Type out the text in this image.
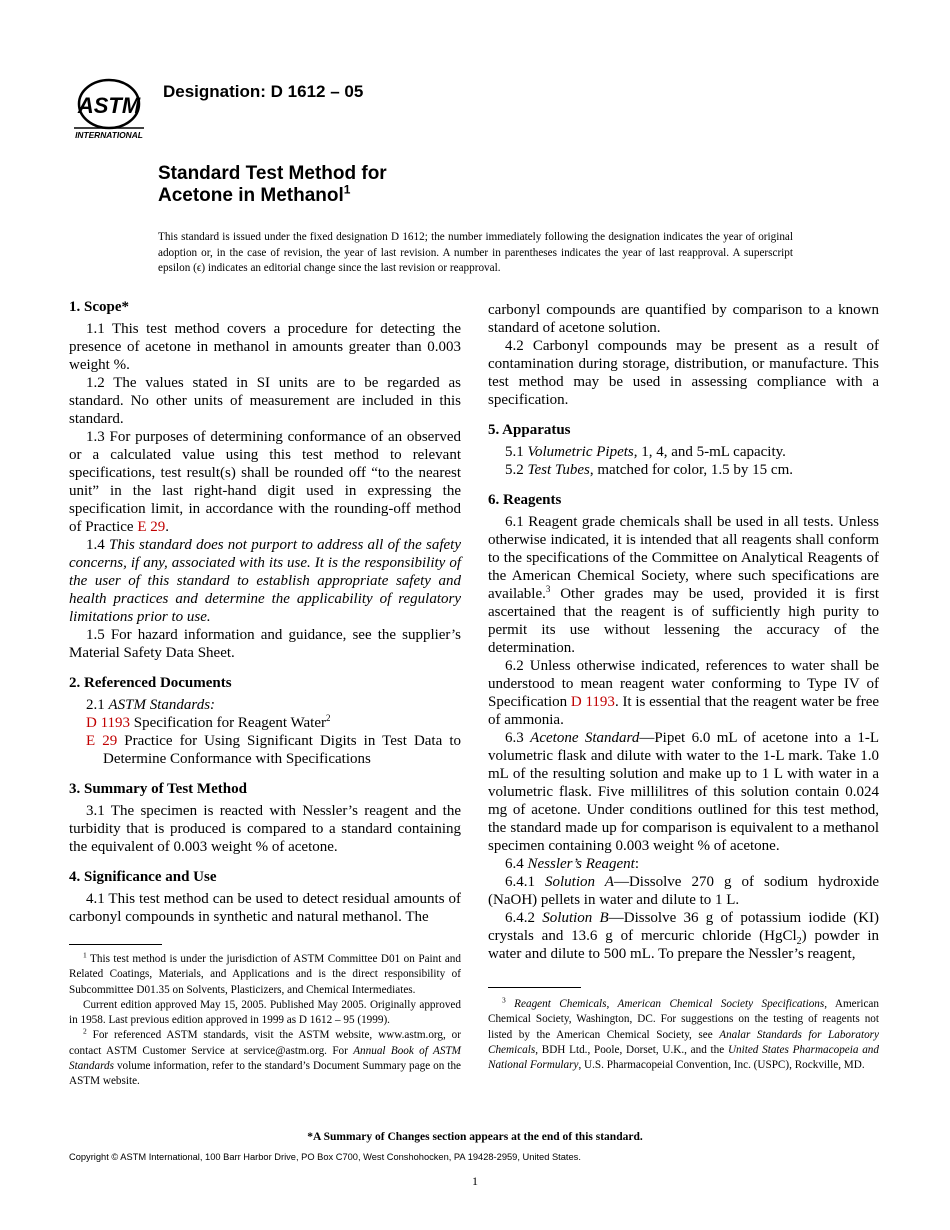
ASTM
INTERNATIONAL
Designation: D 1612 – 05
Standard Test Method for
Acetone in Methanol$^1$
This standard is issued under the fixed designation D 1612; the number immediately following the designation indicates the year of original adoption or, in the case of revision, the year of last revision. A number in parentheses indicates the year of last reapproval. A superscript epsilon (ϵ) indicates an editorial change since the last revision or reapproval.
1. Scope*

1.1 This test method covers a procedure for detecting the presence of acetone in methanol in amounts greater than 0.003 weight %.

1.2 The values stated in SI units are to be regarded as standard. No other units of measurement are included in this standard.

1.3 For purposes of determining conformance of an observed or a calculated value using this test method to relevant specifications, test result(s) shall be rounded off “to the nearest unit” in the last right-hand digit used in expressing the specification limit, in accordance with the rounding-off method of Practice E 29.

1.4 This standard does not purport to address all of the safety concerns, if any, associated with its use. It is the responsibility of the user of this standard to establish appropriate safety and health practices and determine the applicability of regulatory limitations prior to use.

1.5 For hazard information and guidance, see the supplier’s Material Safety Data Sheet.

2. Referenced Documents

2.1 ASTM Standards:

D 1193 Specification for Reagent Water$^2$

E 29 Practice for Using Significant Digits in Test Data to Determine Conformance with Specifications

3. Summary of Test Method

3.1 The specimen is reacted with Nessler’s reagent and the turbidity that is produced is compared to a standard containing the equivalent of 0.003 weight % of acetone.

4. Significance and Use

4.1 This test method can be used to detect residual amounts of carbonyl compounds in synthetic and natural methanol. The

carbonyl compounds are quantified by comparison to a known standard of acetone solution.

4.2 Carbonyl compounds may be present as a result of contamination during storage, distribution, or manufacture. This test method may be used in assessing compliance with a specification.

5. Apparatus

5.1 Volumetric Pipets, 1, 4, and 5-mL capacity.

5.2 Test Tubes, matched for color, 1.5 by 15 cm.

6. Reagents

6.1 Reagent grade chemicals shall be used in all tests. Unless otherwise indicated, it is intended that all reagents shall conform to the specifications of the Committee on Analytical Reagents of the American Chemical Society, where such specifications are available.$^3$ Other grades may be used, provided it is first ascertained that the reagent is of sufficiently high purity to permit its use without lessening the accuracy of the determination.

6.2 Unless otherwise indicated, references to water shall be understood to mean reagent water conforming to Type IV of Specification D 1193. It is essential that the reagent water be free of ammonia.

6.3 Acetone Standard—Pipet 6.0 mL of acetone into a 1-L volumetric flask and dilute with water to the 1-L mark. Take 1.0 mL of the resulting solution and make up to 1 L with water in a volumetric flask. Five millilitres of this solution contain 0.024 mg of acetone. Under conditions outlined for this test method, the standard made up for comparison is equivalent to a methanol specimen containing 0.003 weight % of acetone.

6.4 Nessler’s Reagent:

6.4.1 Solution A—Dissolve 270 g of sodium hydroxide (NaOH) pellets in water and dilute to 1 L.

6.4.2 Solution B—Dissolve 36 g of potassium iodide (KI) crystals and 13.6 g of mercuric chloride (HgCl$_2$) powder in water and dilute to 500 mL. To prepare the Nessler’s reagent,

$^1$ This test method is under the jurisdiction of ASTM Committee D01 on Paint and Related Coatings, Materials, and Applications and is the direct responsibility of Subcommittee D01.35 on Solvents, Plasticizers, and Chemical Intermediates.

Current edition approved May 15, 2005. Published May 2005. Originally approved in 1958. Last previous edition approved in 1999 as D 1612 – 95 (1999).

$^2$ For referenced ASTM standards, visit the ASTM website, www.astm.org, or contact ASTM Customer Service at service@astm.org. For Annual Book of ASTM Standards volume information, refer to the standard’s Document Summary page on the ASTM website.

$^3$ Reagent Chemicals, American Chemical Society Specifications, American Chemical Society, Washington, DC. For suggestions on the testing of reagents not listed by the American Chemical Society, see Analar Standards for Laboratory Chemicals, BDH Ltd., Poole, Dorset, U.K., and the United States Pharmacopeia and National Formulary, U.S. Pharmacopeial Convention, Inc. (USPC), Rockville, MD.

*A Summary of Changes section appears at the end of this standard.
Copyright © ASTM International, 100 Barr Harbor Drive, PO Box C700, West Conshohocken, PA 19428-2959, United States.
1
